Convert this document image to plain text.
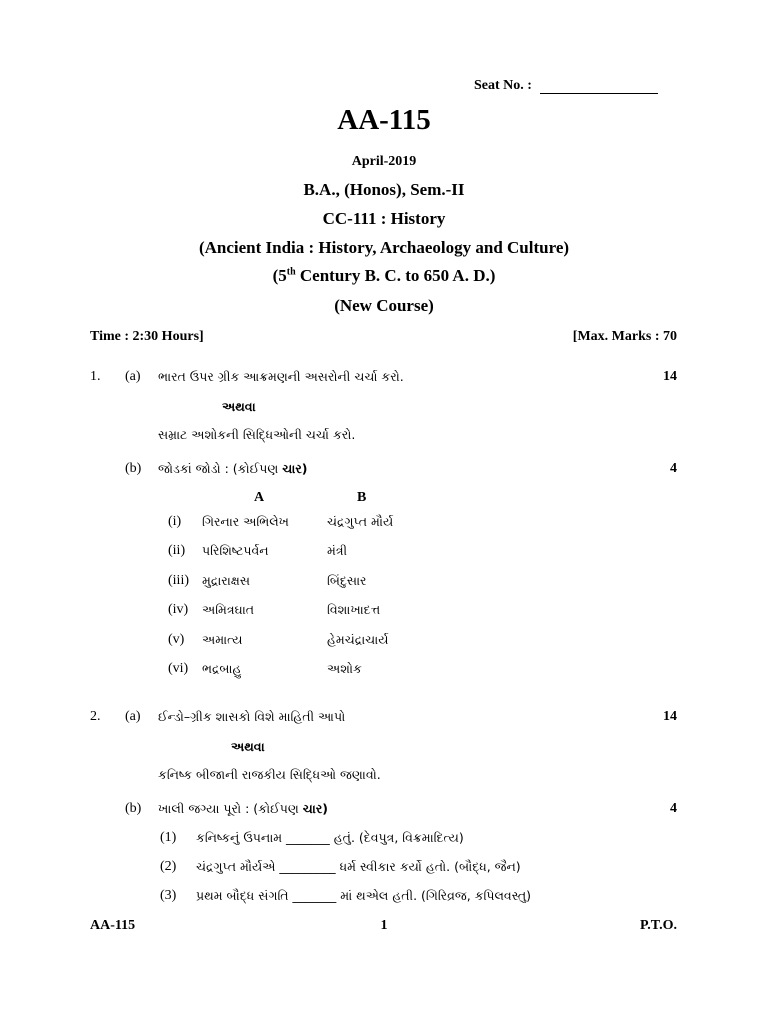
Seat No. :
AA-115
April-2019
B.A., (Honos), Sem.-II
CC-111 : History
(Ancient India : History, Archaeology and Culture)
(5th Century B. C. to 650 A. D.)
(New Course)
Time : 2:30 Hours]	[Max. Marks : 70
1. (a) ભારત ઉપર ગ્રીક આક્રમણની અસરોની ચર્ચા કરો.	14
અથવા
સમ્રાટ અશોકની સિદ્ધિઓની ચર્ચા કરો.
(b) જોડકાં જોડો : (કોઈપણ ચાર)	4
A	B
(i) ગિરનાર અભિલેખ	ચંદ્રગુપ્ત મૌર્ય
(ii) પરિશિષ્ટપર્વન	મંત્રી
(iii) મુદ્રારાક્ષસ	બિંદુસાર
(iv) અમિત્રઘાત	વિશાખાદત્ત
(v) અમાત્ય	હેમચંદ્રાચાર્ય
(vi) ભદ્રબાહુ	અશોક
2. (a) ઈન્ડો–ગ્રીક શાસકો વિશે માહિતી આપો	14
અથવા
કનિષ્ક બીજાની રાજકીય સિદ્ધિઓ જણાવો.
(b) ખાલી જગ્યા પૂરો : (કોઈપણ ચાર)	4
(1) કનિષ્કનું ઉપનામ _______ હતું. (દેવપુત્ર, વિક્રમાદિત્ય)
(2) ચંદ્રગુપ્ત મૌર્યએ _________ ધર્મ સ્વીકાર કર્યો હતો. (બૌદ્ધ, જૈન)
(3) પ્રથમ બૌદ્ધ સંગતિ _______ માં થએલ હતી. (ગિરિવ્રજ, કપિલવસ્તુ)
AA-115	1	P.T.O.
